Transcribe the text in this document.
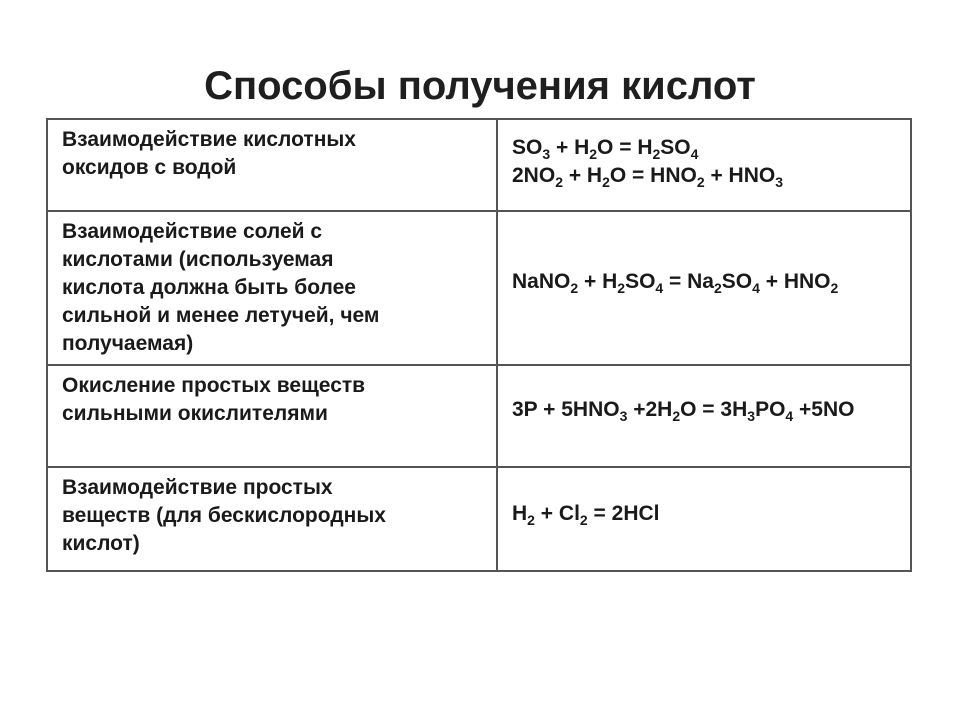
Способы получения кислот
Взаимодействие кислотных
оксидов с водой	$SO_3 + H_2O = H_2SO_4$
$2NO_2 + H_2O = HNO_2 + HNO_3$

Взаимодействие солей с
кислотами (используемая
кислота должна быть более
сильной и менее летучей, чем
получаемая)	NaNO$_2$ + $H_2SO_4 = Na_2SO_4 + HNO_2$

Окисление простых веществ
сильными окислителями	$3P + 5HNO_3 +2H_2O = 3H_3PO_4 +5NO$

Взаимодействие простых
веществ (для бескислородных
кислот)	$H_2 + Cl_2 = 2HCl$
